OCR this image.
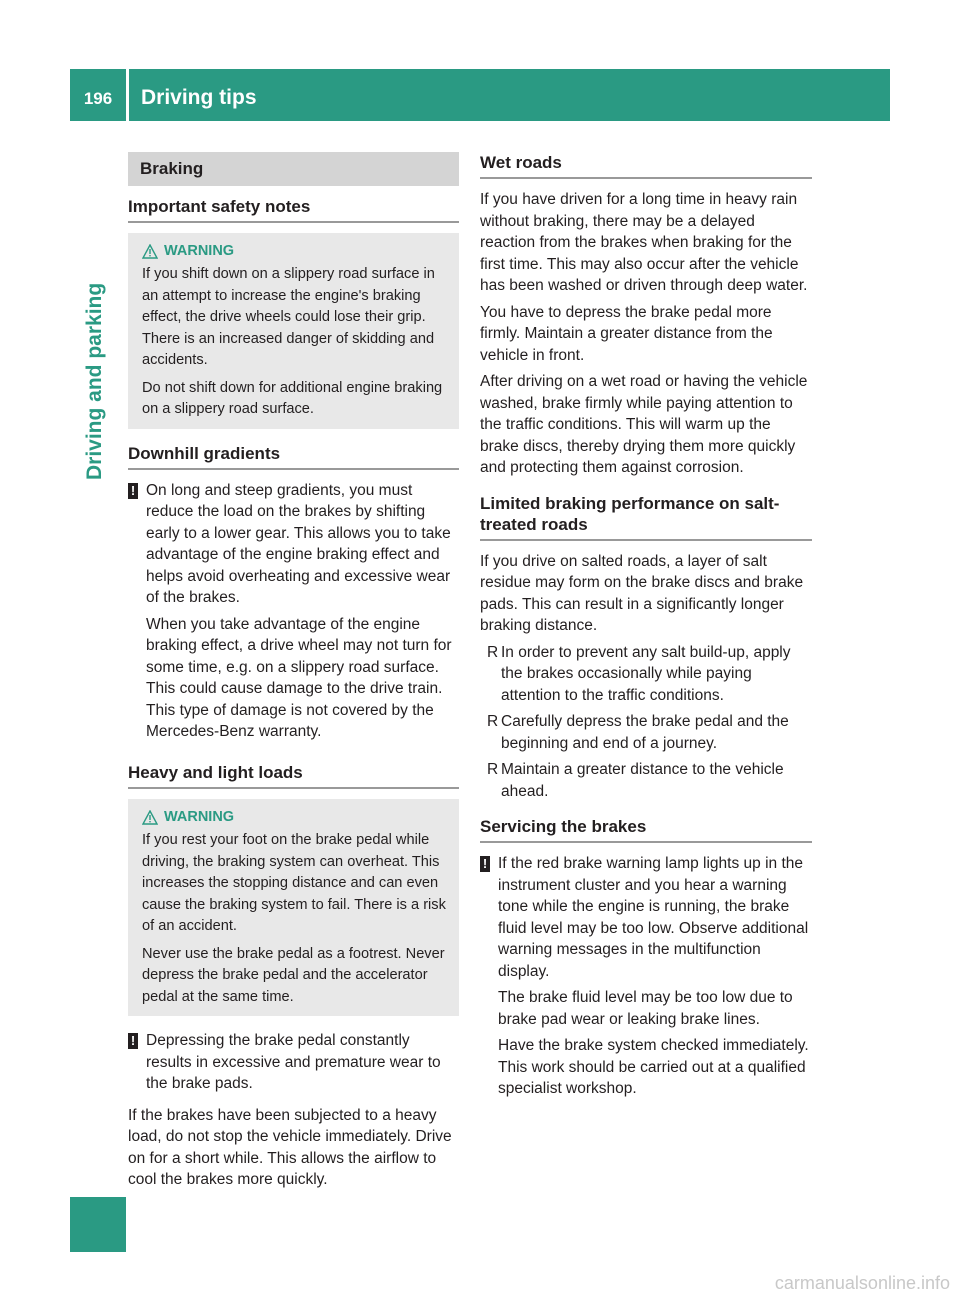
196	Driving tips
Driving and parking
Braking
Important safety notes
WARNING

If you shift down on a slippery road surface in an attempt to increase the engine's braking effect, the drive wheels could lose their grip. There is an increased danger of skidding and accidents.

Do not shift down for additional engine braking on a slippery road surface.

Downhill gradients
! On long and steep gradients, you must reduce the load on the brakes by shifting early to a lower gear. This allows you to take advantage of the engine braking effect and helps avoid overheating and excessive wear of the brakes.

When you take advantage of the engine braking effect, a drive wheel may not turn for some time, e.g. on a slippery road surface. This could cause damage to the drive train. This type of damage is not covered by the Mercedes-Benz warranty.

Heavy and light loads
WARNING

If you rest your foot on the brake pedal while driving, the braking system can overheat. This increases the stopping distance and can even cause the braking system to fail. There is a risk of an accident.

Never use the brake pedal as a footrest. Never depress the brake pedal and the accelerator pedal at the same time.

! Depressing the brake pedal constantly results in excessive and premature wear to the brake pads.

If the brakes have been subjected to a heavy load, do not stop the vehicle immediately. Drive on for a short while. This allows the airflow to cool the brakes more quickly.

Wet roads

If you have driven for a long time in heavy rain without braking, there may be a delayed reaction from the brakes when braking for the first time. This may also occur after the vehicle has been washed or driven through deep water.

You have to depress the brake pedal more firmly. Maintain a greater distance from the vehicle in front.

After driving on a wet road or having the vehicle washed, brake firmly while paying attention to the traffic conditions. This will warm up the brake discs, thereby drying them more quickly and protecting them against corrosion.

Limited braking performance on salt-treated roads

If you drive on salted roads, a layer of salt residue may form on the brake discs and brake pads. This can result in a significantly longer braking distance.

R In order to prevent any salt build-up, apply the brakes occasionally while paying attention to the traffic conditions.
R Carefully depress the brake pedal and the beginning and end of a journey.
R Maintain a greater distance to the vehicle ahead.
Servicing the brakes
! If the red brake warning lamp lights up in the instrument cluster and you hear a warning tone while the engine is running, the brake fluid level may be too low. Observe additional warning messages in the multifunction display.

The brake fluid level may be too low due to brake pad wear or leaking brake lines.

Have the brake system checked immediately. This work should be carried out at a qualified specialist workshop.

carmanualsonline.info
